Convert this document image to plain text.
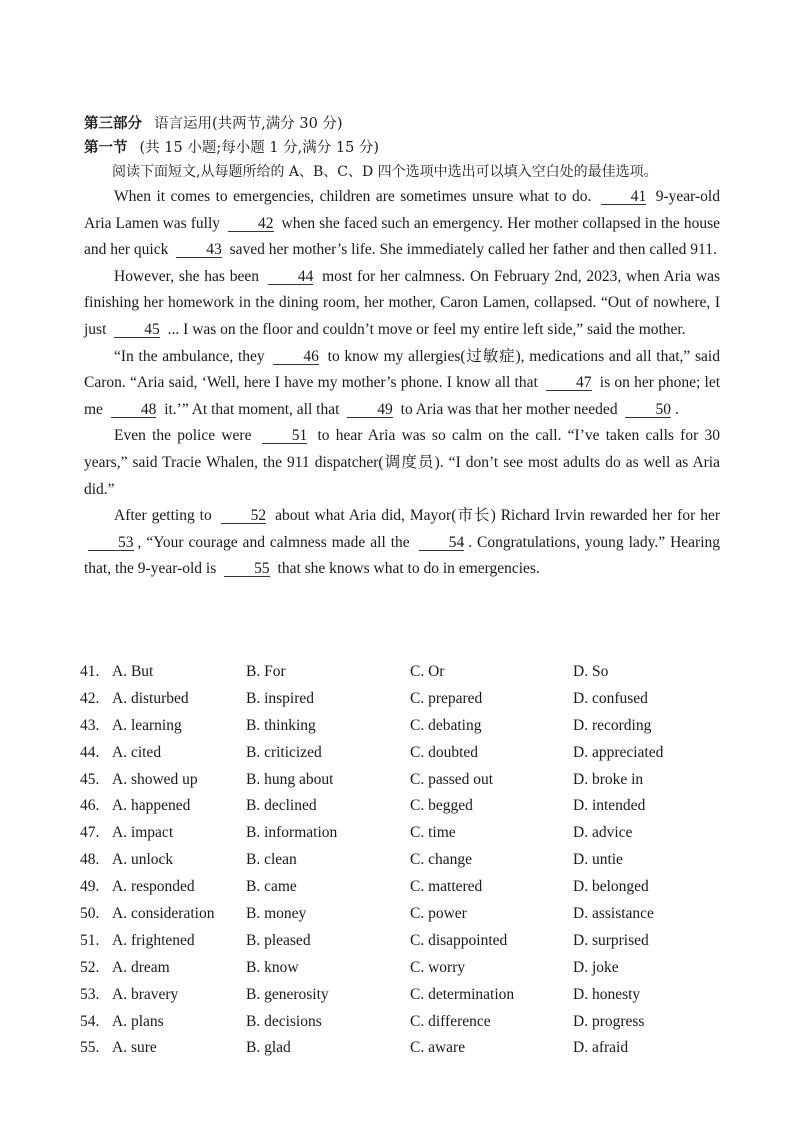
第三部分 语言运用(共两节,满分 30 分)
第一节 (共 15 小题;每小题 1 分,满分 15 分)
阅读下面短文,从每题所给的 A、B、C、D 四个选项中选出可以填入空白处的最佳选项。

When it comes to emergencies, children are sometimes unsure what to do. 41 9-year-old Aria Lamen was fully 42 when she faced such an emergency. Her mother collapsed in the house and her quick 43 saved her mother’s life. She immediately called her father and then called 911.

However, she has been 44 most for her calmness. On February 2nd, 2023, when Aria was finishing her homework in the dining room, her mother, Caron Lamen, collapsed. “Out of nowhere, I just 45 ... I was on the floor and couldn’t move or feel my entire left side,” said the mother.

“In the ambulance, they 46 to know my allergies(过敏症), medications and all that,” said Caron. “Aria said, ‘Well, here I have my mother’s phone. I know all that 47 is on her phone; let me 48 it.’” At that moment, all that 49 to Aria was that her mother needed 50 .

Even the police were 51 to hear Aria was so calm on the call. “I’ve taken calls for 30 years,” said Tracie Whalen, the 911 dispatcher(调度员). “I don’t see most adults do as well as Aria did.”

After getting to 52 about what Aria did, Mayor(市长) Richard Irvin rewarded her for her 53 , “Your courage and calmness made all the 54 . Congratulations, young lady.” Hearing that, the 9-year-old is 55 that she knows what to do in emergencies.

41. A. But	B. For	C. Or	D. So
42. A. disturbed	B. inspired	C. prepared	D. confused
43. A. learning	B. thinking	C. debating	D. recording
44. A. cited	B. criticized	C. doubted	D. appreciated
45. A. showed up	B. hung about	C. passed out	D. broke in
46. A. happened	B. declined	C. begged	D. intended
47. A. impact	B. information	C. time	D. advice
48. A. unlock	B. clean	C. change	D. untie
49. A. responded	B. came	C. mattered	D. belonged
50. A. consideration B. money	C. power	D. assistance
51. A. frightened	B. pleased	C. disappointed	D. surprised
52. A. dream	B. know	C. worry	D. joke
53. A. bravery	B. generosity	C. determination	D. honesty
54. A. plans	B. decisions	C. difference	D. progress
55. A. sure	B. glad	C. aware	D. afraid
